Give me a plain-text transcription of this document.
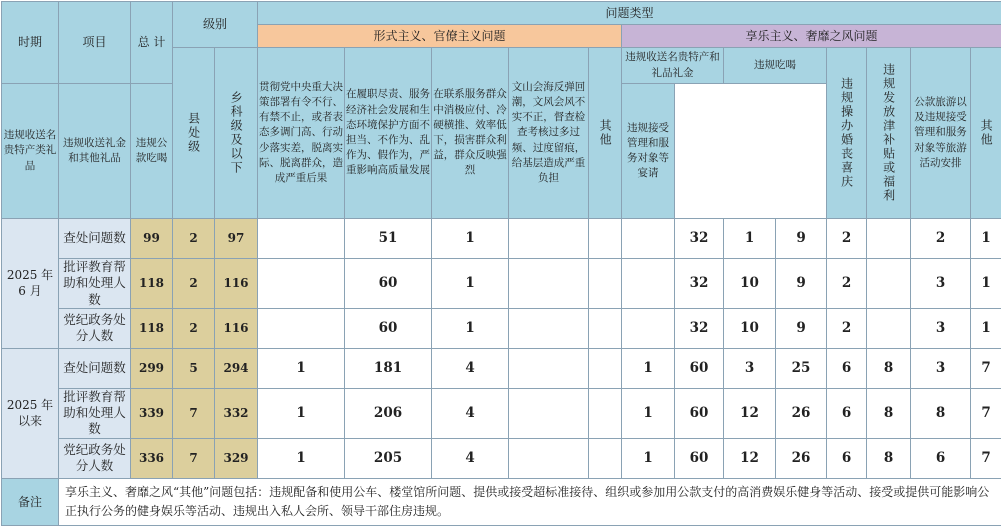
时期	项目	总 计	级别		问题类型												
					形式主义、官僚主义问题					享乐主义、奢靡之风问题							

			县处级	乡科级及以下	贯彻党中央重大决策部署有令不行、有禁不止，或者表态多调门高、行动少落实差，脱离实际、脱离群众，造成严重后果	在履职尽责、服务经济社会发展和生态环境保护方面不担当、不作为、乱作为、假作为，严重影响高质量发展	在联系服务群众中消极应付、冷硬横推、效率低下，损害群众利益，群众反映强烈	文山会海反弹回潮，文风会风不实不正，督查检查考核过多过频、过度留痕，给基层造成严重负担	其他	违规收送名贵特产和礼品礼金		违规吃喝		违规操办婚丧喜庆	违规发放津补贴或福利	公款旅游以及违规接受管理和服务对象等旅游活动安排	其他

违规收送名贵特产类礼品	违规收送礼金和其他礼品	违规公款吃喝								违规接受管理和服务对象等宴请							
2025 年 6 月	查处问题数	99	2	97		51	1				32	1	9	2		2	1
	批评教育帮助和处理人数	118	2	116		60	1				32	10	9	2		3	1
	党纪政务处分人数	118	2	116		60	1				32	10	9	2		3	1
2025 年以来	查处问题数	299	5	294	1	181	4			1	60	3	25	6	8	3	7
	批评教育帮助和处理人数	339	7	332	1	206	4			1	60	12	26	6	8	8	7
	党纪政务处分人数	336	7	329	1	205	4			1	60	12	26	6	8	6	7
备注	享乐主义、奢靡之风“其他”问题包括：违规配备和使用公车、楼堂馆所问题、提供或接受超标准接待、组织或参加用公款支付的高消费娱乐健身等活动、接受或提供可能影响公正执行公务的健身娱乐等活动、违规出入私人会所、领导干部住房违规。																
